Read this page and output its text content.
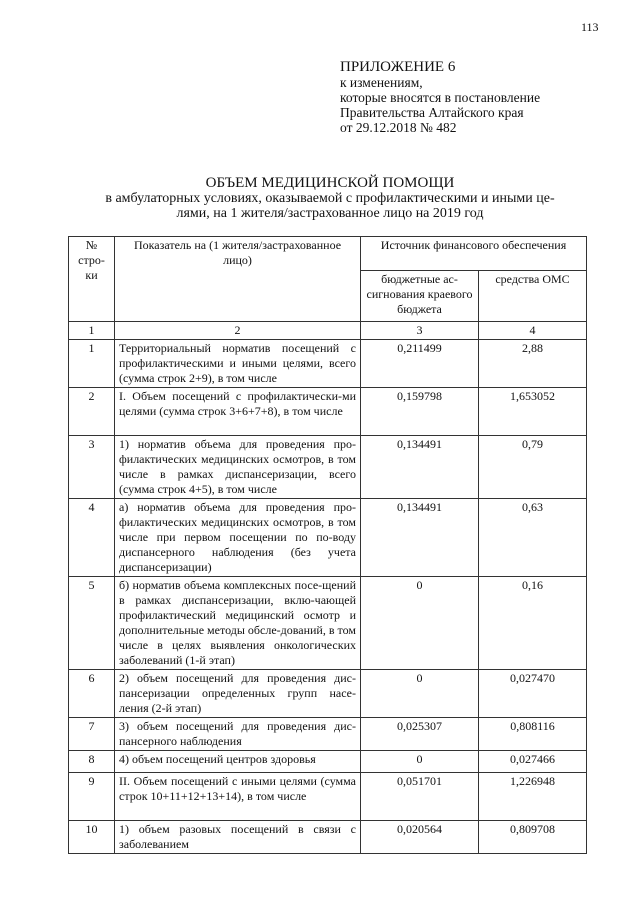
113
ПРИЛОЖЕНИЕ 6
к изменениям,
которые вносятся в постановление
Правительства Алтайского края
от 29.12.2018 № 482
ОБЪЕМ МЕДИЦИНСКОЙ ПОМОЩИ
в амбулаторных условиях, оказываемой с профилактическими и иными це-
лями, на 1 жителя/застрахованное лицо на 2019 год
№ стро-ки	Показатель на (1 жителя/застрахованное лицо)	Источник финансового обеспечения	
		бюджетные ас-сигнования краевого бюджета	средства ОМС
1	2	3	4
1	Территориальный норматив посещений с профилактическими и иными целями, всего (сумма строк 2+9), в том числе	0,211499	2,88
2	I. Объем посещений с профилактически-ми целями (сумма строк 3+6+7+8), в том числе	0,159798	1,653052
3	1) норматив объема для проведения про-филактических медицинских осмотров, в том числе в рамках диспансеризации, всего (сумма строк 4+5), в том числе	0,134491	0,79
4	а) норматив объема для проведения про-филактических медицинских осмотров, в том числе при первом посещении по по-воду диспансерного наблюдения (без учета диспансеризации)	0,134491	0,63
5	б) норматив объема комплексных посе-щений в рамках диспансеризации, вклю-чающей профилактический медицинский осмотр и дополнительные методы обсле-дований, в том числе в целях выявления онкологических заболеваний (1-й этап)	0	0,16
6	2) объем посещений для проведения дис-пансеризации определенных групп насе-ления (2-й этап)	0	0,027470
7	3) объем посещений для проведения дис-пансерного наблюдения	0,025307	0,808116
8	4) объем посещений центров здоровья	0	0,027466
9	II. Объем посещений с иными целями (сумма строк 10+11+12+13+14), в том числе	0,051701	1,226948
10	1) объем разовых посещений в связи с заболеванием	0,020564	0,809708
